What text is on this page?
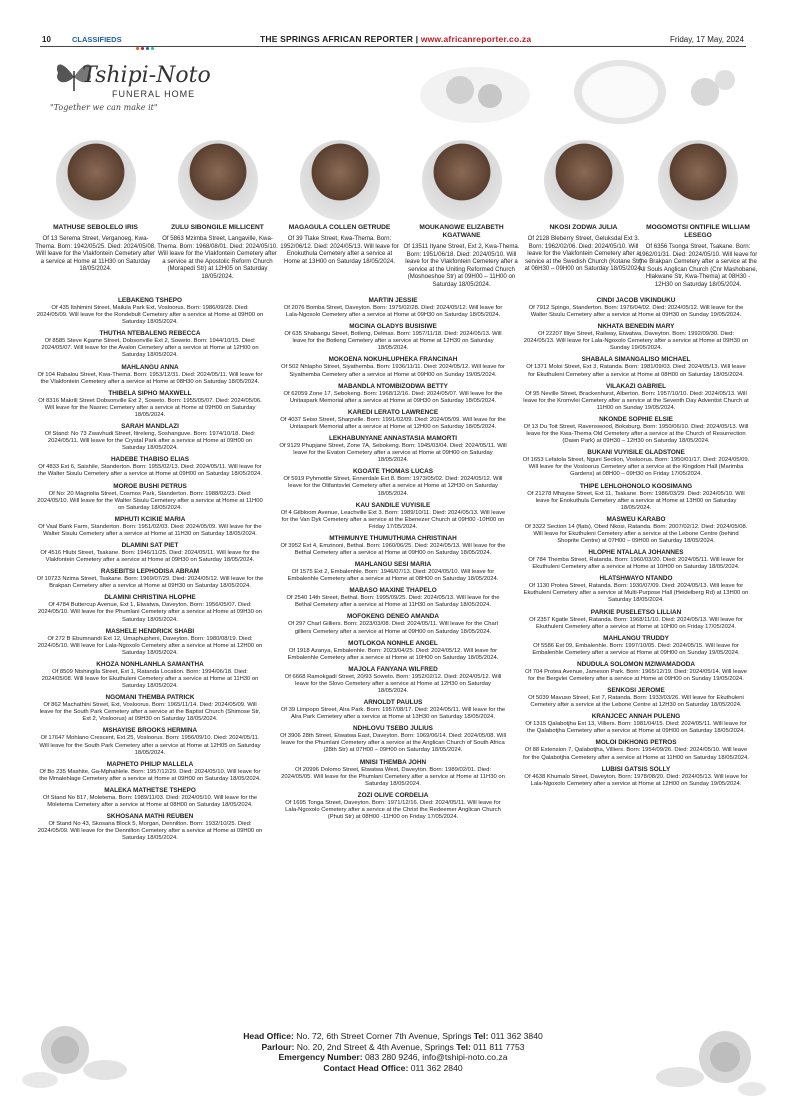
10	CLASSIFIEDS	THE SPRINGS AFRICAN REPORTER | www.africanreporter.co.za	Friday, 17 May, 2024
Tshipi-Noto
FUNERAL HOME
"Together we can make it"
MATHUSE SEBOLELO IRIS
Of 13 Serema Street, Verganoeg, Kwa-Thema. Born: 1942/05/25. Died: 2024/05/08. Will leave for the Vlakfontein Cemetery after a service at Home at 11H30 on Saturday 18/05/2024.
ZULU SIBONGILE MILLICENT
Of 5863 Mzimba Street, Langaville, Kwa-Thema. Born: 1968/08/01. Died: 2024/05/10. Will leave for the Vlakfontein Cemetery after a service at the Apostolic Reform Church (Morapedi Str) at 12H05 on Saturday 18/05/2024.
MAGAGULA COLLEN GETRUDE
Of 39 Tlake Street, Kwa-Thema. Born: 1952/06/12. Died: 2024/05/13. Will leave for Enokuthula Cemetery after a service at Home at 13H00 on Saturday 18/05/2024.
MOUKANGWE ELIZABETH KGATWANE
Of 13511 Ityane Street, Ext 2, Kwa-Thema. Born: 1951/06/18. Died: 2024/05/10. Will leave for the Vlakfontein Cemetery after a service at the Uniting Reformed Church (Moshoeshoe Str) at 09H00 – 11H00 on Saturday 18/05/2024.
NKOSI ZODWA JULIA
Of 2128 Bleberry Street, Geluksdal Ext 3. Born: 1962/02/06. Died: 2024/05/10. Will leave for the Vlakfontein Cemetery after a service at the Swedish Church (Kotane Str) at 06H30 – 09H00 on Saturday 18/05/2024.
MOGOMOTSI ONTIFILE WILLIAM LESEGO
Of 6356 Tsonga Street, Tsakane. Born: 1962/01/31. Died: 2024/05/10. Will leave for the Brakpan Cemetery after a service at the All Souls Anglican Church (Cnr Mashobane, Hlakwane Str, Kwa-Thema) at 08H30 - 12H30 on Saturday 18/05/2024.
LEBAKENG TSHEPO
Of 435 Itshimini Street, Mailula Park Ext, Vosloorus. Born: 1986/09/28. Died: 2024/05/09. Will leave for the Rondebult Cemetery after a service at Home at 09H00 on Saturday 18/05/2024.
THUTHA NTEBALENG REBECCA
Of 8585 Steve Kgame Street, Dobsonville Ext 2, Soweto. Born: 1944/10/15. Died: 2024/05/07. Will leave for the Avalon Cemetery after a service at Home at 12H00 on Saturday 18/05/2024.
MAHLANGU ANNA
Of 104 Rabalou Street, Kwa-Thema. Born: 1953/12/31. Died: 2024/05/11. Will leave for the Vlakfontein Cemetery after a service at Home at 08H30 on Saturday 18/05/2024.
THIBELA SIPHO MAXWELL
Of 8316 Makrill Street Dobsonville Ext 2, Soweto. Born: 1955/05/07. Died: 2024/05/06. Will leave for the Nasrec Cemetery after a service at Home at 09H00 on Saturday 18/05/2024.
SARAH MANDLAZI
Of Stand: No 73 Zwavhudi Street, Itireleng, Soshanguve. Born: 1974/10/18. Died: 2024/05/11. Will leave for the Crystal Park after a service at Home at 09H00 on Saturday 18/05/2024.
HADEBE THABISO ELIAS
Of 4833 Ext 6, Saishile, Standerton. Born: 1955/02/13. Died: 2024/05/11. Will leave for the Walter Sisulu Cemetery after a service at Home at 09H00 on Saturday 18/05/2024.
MOROE BUSHI PETRUS
Of No: 20 Magnolia Street, Cosmos Park, Standerton. Born: 1988/02/23. Died: 2024/05/10. Will leave for the Walter Sisulu Cemetery after a service at Home at 11H00 on Saturday 18/05/2024.
MPHUTI KCIKIE MARIA
Of Vaal Bank Farm, Standerton. Born: 1951/02/03. Died: 2024/05/09. Will leave for the Walter Sisulu Cemetery after a service at Home at 11H30 on Saturday 18/05/2024.
DLAMINI SAT PIET
Of 4516 Hlubi Street, Tsakane. Born: 1946/11/25. Died: 2024/05/11. Will leave for the Vlakfontein Cemetery after a service at Home at 09H30 on Saturday 18/05/2024.
RASEBITSI LEPHODISA ABRAM
Of 10723 Nzima Street, Tsakane. Born: 1969/07/29. Died: 2024/05/12. Will leave for the Brakpan Cemetery after a service at Home at 09H30 on Saturday 18/05/2024.
DLAMINI CHRISTINA HLOPHE
Of 4784 Buttercup Avenue, Ext 1, Etwatwa, Daveyton. Born: 1956/05/07. Died: 2024/05/10. Will leave for the Phumlani Cemetery after a service at Home at 09H30 on Saturday 18/05/2024.
MASHELE HENDRICK SHABI
Of 272 B Ebumnandi Ext 12, Umaphupheni, Daveyton. Born: 1980/08/19. Died: 2024/05/10. Will leave for Lala-Ngoxolo Cemetery after a service at Home at 12H00 on Saturday 18/05/2024.
KHOZA NONHLANHLA SAMANTHA
Of 8509 Ntshingila Street, Ext 1, Ratanda Location. Born: 1994/06/18. Died: 2024/05/08. Will leave for Ekuthuleni Cemetery after a service at Home at 11H30 on Saturday 18/05/2024.
NGOMANI THEMBA PATRICK
Of 862 Machathini Street, Ext, Vosloorus. Born: 1965/11/14. Died: 2024/05/09. Will leave for the South Park Cemetery after a service at the Baptist Church (Shimose Str, Ext 2, Vosloorus) at 09H30 on Saturday 18/05/2024.
MSHAYISE BROOKS HERMINA
Of 17647 Mohlano Crescent, Ext 25, Vosloorus. Born: 1956/09/10. Died: 2024/05/11. Will leave for the South Park Cemetery after a service at Home at 12H05 on Saturday 18/05/2024.
MAPHETO PHILIP MALLELA
Of Bo 235 Mashite, Ga-Mphahlele. Born: 1957/12/29. Died: 2024/05/10. Will leave for the Mmalehlage Cemetery after a service at Home at 09H00 on Saturday 18/05/2024.
MALEKA MATHETSE TSHEPO
Of Stand No 817, Moletema. Born: 1989/11/03. Died: 2024/05/10. Will leave for the Moletema Cemetery after a service at Home at 08H00 on Saturday 18/05/2024.
SKHOSANA MATHI REUBEN
Of Stand No 43, Skosana Block 5, Morgan, Dennilton. Born: 1932/10/25. Died: 2024/05/09. Will leave for the Dennilton Cemetery after a service at Home at 09H00 on Saturday 18/05/2024.
MARTIN JESSIE
Of 2076 Bomba Street, Daveyton. Born: 1975/02/28. Died: 2024/05/12. Will leave for Lala-Ngoxolo Cemetery after a service at Home at 09H30 on Saturday 18/05/2024.
MGCINA GLADYS BUSISIWE
Of 635 Shabangu Street, Botleng, Delmas. Born: 1957/11/18. Died: 2024/05/13. Will leave for the Botleng Cemetery after a service at Home at 12H30 on Saturday 18/05/2024.
MOKOENA NOKUHLUPHEKA FRANCINAH
Of 502 Nhlapho Street, Siyathemba. Born: 1936/11/11. Died: 2024/05/12. Will leave for Siyathemba Cemetery after a service at Home at 09H00 on Sunday 19/05/2024.
MABANDLA NTOMBIZODWA BETTY
Of 62059 Zone 17, Sebokeng. Born: 1968/12/16. Died: 2024/05/07. Will leave for the Unitaspark Memorial after a service at Home at 09H30 on Saturday 18/05/2024.
KAREDI LERATO LAWRENCE
Of 4037 Seiso Street, Sharpville. Born: 1991/02/09. Died: 2024/05/09. Will leave for the Unitaspark Memorial after a service at Home at 12H00 on Saturday 18/05/2024.
LEKHABUNYANE ANNASTASIA MAMORTI
Of 9129 Phupjane Street, Zone 7A, Sebokeng. Born: 1945/03/04. Died: 2024/05/11. Will leave for the Evaton Cemetery after a service at Home at 09H00 on Saturday 18/05/2024.
KGOATE THOMAS LUCAS
Of 5919 Pyhmottle Street, Ennerdale Ext 8. Born: 1973/05/02. Died: 2024/05/12. Will leave for the Olifantsvlei Cemetery after a service at Home at 12H30 on Saturday 18/05/2024.
KAU SANDILE VUYISILE
Of 4 Gilbloom Avenue, Leachville Ext 3. Born: 1989/10/11. Died: 2024/05/13. Will leave for the Van Dyk Cemetery after a service at the Ebenezer Church at 09H00 -10H00 on Friday 17/05/2024.
MTHIMUNYE THUMUTHUMA CHRISTINAH
Of 3952 Ext 4, Emzinoni, Bethal. Born: 1960/06/25. Died: 2024/05/13. Will leave for the Bethal Cemetery after a service at Home at 09H00 on Saturday 18/05/2024.
MAHLANGU SESI MARIA
Of 1575 Ext 2, Embalenhle. Born: 1946/07/13. Died: 2024/05/10. Will leave for Embalenhle Cemetery after a service at Home at 08H00 on Saturday 18/05/2024.
MABASO MAXINE THAPELO
Of 2540 14th Street, Bethal. Born: 1995/09/25. Died: 2024/05/13. Will leave for the Bethal Cemetery after a service at Home at 11H30 on Saturday 18/05/2024.
MOFOKENG DENEO AMANDA
Of 297 Charl Gilliers. Born: 2023/03/08. Died: 2024/05/11. Will leave for the Charl gilliers Cemetery after a service at Home at 09H00 on Saturday 18/05/2024.
MOTLOKOA NONHLE ANGEL
Of 1918 Azanya, Embalenhle. Born: 2023/04/25. Died: 2024/05/12. Will leave for Embalenhle Cemetery after a service at Home at 10H00 on Saturday 18/05/2024.
MAJOLA FANYANA WILFRED
Of 6668 Ramokgadi Street, 20/93 Soweto. Born: 1952/02/12. Died: 2024/05/12. Will leave for the Slovo Cemetery after a service at Home at 12H30 on Saturday 18/05/2024.
ARNOLDT PAULUS
Of 39 Limpopo Street, Alra Park. Born: 1957/08/17. Died: 2024/05/11. Will leave for the Alra Park Cemetery after a service at Home at 13H30 on Saturday 18/05/2024.
NDHLOVU TSEBO JULIUS
Of 3906 28th Street, Etwatwa East, Daveyton. Born: 1969/06/14. Died: 2024/05/08. Will leave for the Phumlani Cemetery after a service at the Anglican Church of South Africa (28th Str) at 07H00 – 09H00 on Saturday 18/05/2024.
MNISI THEMBA JOHN
Of 20996 Dolomo Street, Etwatwa West, Daveyton. Born: 1989/02/01. Died: 2024/05/05. Will leave for the Phumlani Cemetery after a service at Home at 11H30 on Saturday 18/05/2024.
ZOZI OLIVE CORDELIA
Of 1695 Tonga Street, Daveyton. Born: 1971/12/16. Died: 2024/05/11. Will leave for Lala-Ngoxolo Cemetery after a service at the Christ the Redeemer Anglican Church (Phuti Str) at 08H00 -11H00 on Friday 17/05/2024.
CINDI JACOB VIKINDUKU
Of 7912 Spingo, Standerton. Born: 1976/04/02. Died: 2024/05/12. Will leave for the Walter Sisulu Cemetery after a service at Home at 09H30 on Sunday 19/05/2024.
NKHATA BENEDIN MARY
Of 22207 Illiye Street, Railway, Etwatwa, Daveyton. Born: 1992/09/30. Died: 2024/05/13. Will leave for Lala-Ngoxolo Cemetery after a service at Home at 09H30 on Sunday 19/05/2024.
SHABALA SIMANGALISO MICHAEL
Of 1371 Moloi Street, Ext 3, Ratanda. Born: 1981/09/03. Died: 2024/05/13. Will leave for Ekuthuleni Cemetery after a service at Home at 08H00 on Saturday 18/05/2024.
VILAKAZI GABRIEL
Of 95 Neville Street, Brackenhurst, Alberton. Born: 1957/10/10. Died: 2024/05/13. Will leave for the Kromvlei Cemetery after a service at the Seventh Day Adventist Church at 11H00 on Sunday 19/05/2024.
NKONDE SOPHIE ELSIE
Of 13 Du Toit Street, Ravenswood, Boksburg. Born: 1950/06/10. Died: 2024/05/13. Will leave for the Kwa-Thema Old Cemetery after a service at the Church of Resurrection (Dawn Park) at 09H30 – 12H30 on Saturday 18/05/2024.
BUKANI VUYISILE GLADSTONE
Of 1653 Lefatola Street, Nguni Section, Vosloorus. Born: 1950/01/17. Died: 2024/05/09. Will leave for the Vosloorus Cemetery after a service at the Kingdom Hall (Marimba Gardens) at 08H00 – 09H30 on Friday 17/05/2024.
THIPE LEHLOHONOLO KGOSIMANG
Of 21278 Mhayise Street, Ext 11, Tsakane. Born: 1986/03/29. Died: 2024/05/10. Will leave for Enokuthula Cemetery after a service at Home at 13H00 on Saturday 18/05/2024.
MASWEU KARABO
Of 3322 Section 14 (flats), Obed Nkosi, Ratanda. Born: 2007/02/12. Died: 2024/05/08. Will leave for Ekuthuleni Cemetery after a service at the Lebone Centre (behind Shoprite Centre) at 07H00 – 09H00 on Saturday 18/05/2024.
HLOPHE NTALALA JOHANNES
Of 784 Themba Street, Ratanda. Born: 1960/03/20. Died: 2024/05/11. Will leave for Ekuthuleni Cemetery after a service at Home at 10H00 on Saturday 18/05/2024.
HLATSHWAYO NTANDO
Of 1130 Protea Street, Ratanda. Born: 1930/07/09. Died: 2024/05/13. Will leave for Ekuthuleni Cemetery after a service at Multi-Purpose Hall (Heidelberg Rd) at 13H00 on Saturday 18/05/2024.
PARKIE PUSELETSO LILLIAN
Of 2357 Kgatle Street, Ratanda. Born: 1968/11/10. Died: 2024/05/13. Will leave for Ekuthuleni Cemetery after a service at Home at 10H00 on Friday 17/05/2024.
MAHLANGU TRUDDY
Of 5586 Ext 09, Embalenhle. Born: 1997/10/05. Died: 2024/05/15. Will leave for Embalenhle Cemetery after a service at Home at 09H00 on Sunday 19/05/2024.
NDUDULA SOLOMON MZIWAMADODA
Of 704 Protea Avenue, Jameson Park. Born: 1965/12/19. Died: 2024/05/14. Will leave for the Bergvlei Cemetery after a service at Home at 09H00 on Sunday 19/05/2024.
SENKOSI JEROME
Of 5039 Mavuso Street, Ext 7, Ratanda. Born: 1933/03/26. Will leave for Ekuthuleni Cemetery after a service at the Lebone Centre at 12H30 on Saturday 18/05/2024.
KRANJCEC ANNAH PULENG
Of 1315 Qalabotjha Ext 13, Villiers. Born: 1981/04/15. Died: 2024/05/11. Will leave for the Qalabotjha Cemetery after a service at Home at 09H00 on Saturday 18/05/2024.
MOLOI DIKHONG PETROS
Of 88 Extension 7, Qalabotjha, Villiers. Born: 1954/09/26. Died: 2024/05/10. Will leave for the Qalabotjha Cemetery after a service at Home at 11H00 on Saturday 18/05/2024.
LUBISI GATSIS SOLLY
Of 4638 Khumalo Street, Daveyton. Born: 1978/08/20. Died: 2024/05/13. Will leave for Lala-Ngoxolo Cemetery after a service at Home at 12H00 on Sunday 19/05/2024.
Head Office: No. 72, 6th Street Corner 7th Avenue, Springs Tel: 011 362 3840
Parlour: No. 20, 2nd Street & 4th Avenue, Springs Tel: 011 811 7753
Emergency Number: 083 280 9246, info@tshipi-noto.co.za
Contact Head Office: 011 362 2840
